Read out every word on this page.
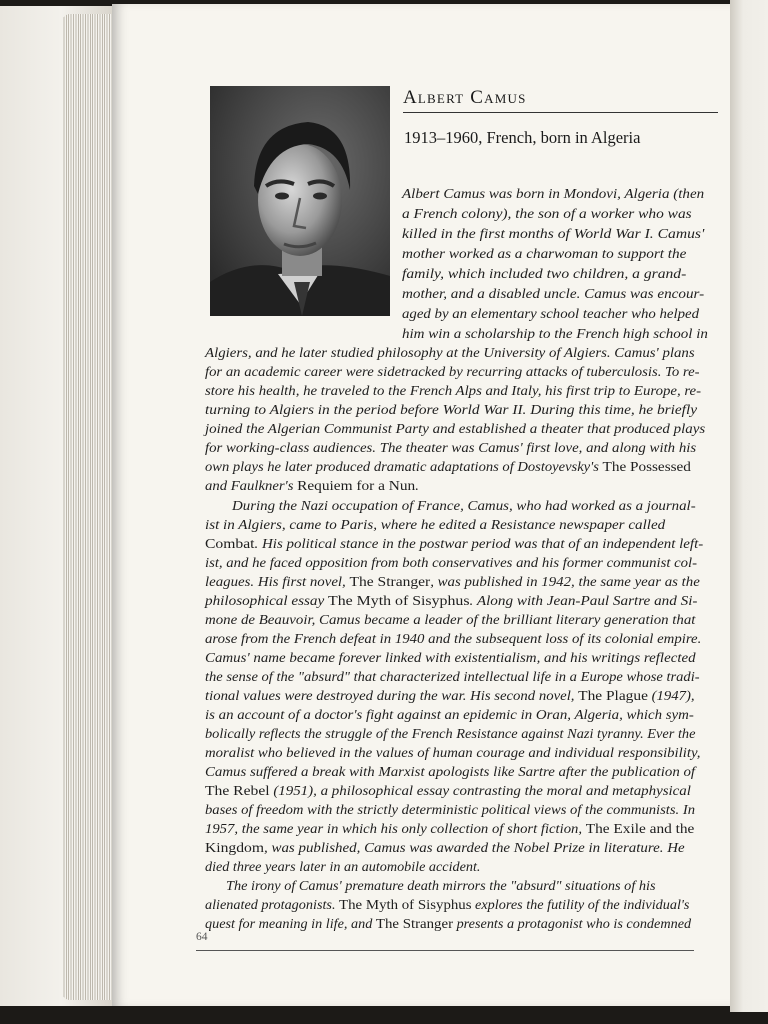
Albert Camus
1913–1960, French, born in Algeria
Albert Camus was born in Mondovi, Algeria (then
a French colony), the son of a worker who was
killed in the first months of World War I. Camus'
mother worked as a charwoman to support the
family, which included two children, a grand-
mother, and a disabled uncle. Camus was encour-
aged by an elementary school teacher who helped
him win a scholarship to the French high school in
Algiers, and he later studied philosophy at the University of Algiers. Camus' plans
for an academic career were sidetracked by recurring attacks of tuberculosis. To re-
store his health, he traveled to the French Alps and Italy, his first trip to Europe, re-
turning to Algiers in the period before World War II. During this time, he briefly
joined the Algerian Communist Party and established a theater that produced plays
for working-class audiences. The theater was Camus' first love, and along with his
own plays he later produced dramatic adaptations of Dostoyevsky's The Possessed
and Faulkner's Requiem for a Nun.
During the Nazi occupation of France, Camus, who had worked as a journal-
ist in Algiers, came to Paris, where he edited a Resistance newspaper called
Combat. His political stance in the postwar period was that of an independent left-
ist, and he faced opposition from both conservatives and his former communist col-
leagues. His first novel, The Stranger, was published in 1942, the same year as the
philosophical essay The Myth of Sisyphus. Along with Jean-Paul Sartre and Si-
mone de Beauvoir, Camus became a leader of the brilliant literary generation that
arose from the French defeat in 1940 and the subsequent loss of its colonial empire.
Camus' name became forever linked with existentialism, and his writings reflected
the sense of the "absurd" that characterized intellectual life in a Europe whose tradi-
tional values were destroyed during the war. His second novel, The Plague (1947),
is an account of a doctor's fight against an epidemic in Oran, Algeria, which sym-
bolically reflects the struggle of the French Resistance against Nazi tyranny. Ever the
moralist who believed in the values of human courage and individual responsibility,
Camus suffered a break with Marxist apologists like Sartre after the publication of
The Rebel (1951), a philosophical essay contrasting the moral and metaphysical
bases of freedom with the strictly deterministic political views of the communists. In
1957, the same year in which his only collection of short fiction, The Exile and the
Kingdom, was published, Camus was awarded the Nobel Prize in literature. He
died three years later in an automobile accident.
The irony of Camus' premature death mirrors the "absurd" situations of his
alienated protagonists. The Myth of Sisyphus explores the futility of the individual's
quest for meaning in life, and The Stranger presents a protagonist who is condemned
64
